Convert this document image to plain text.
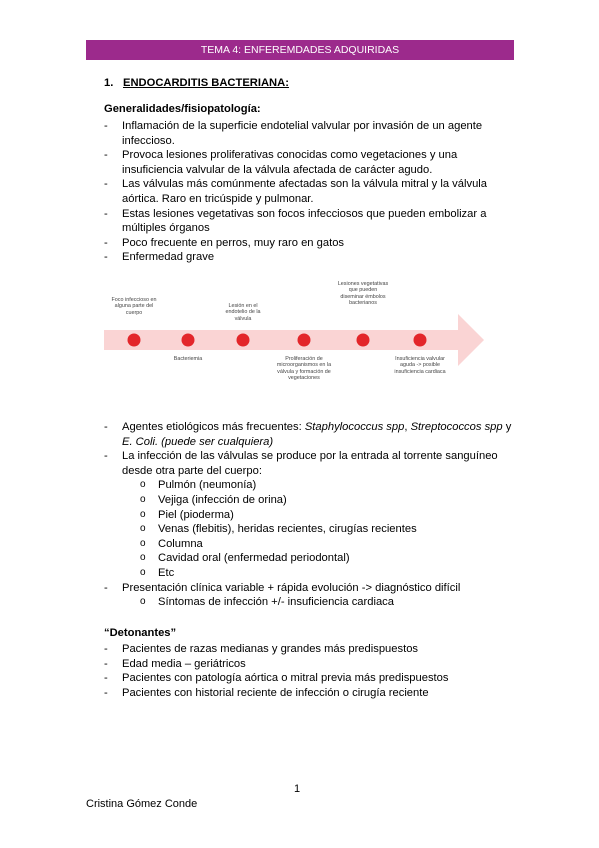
TEMA 4: ENFEREMDADES ADQUIRIDAS
1. ENDOCARDITIS BACTERIANA:
Generalidades/fisiopatología:
- Inflamación de la superficie endotelial valvular por invasión de un agente infeccioso.
- Provoca lesiones proliferativas conocidas como vegetaciones y una insuficiencia valvular de la válvula afectada de carácter agudo.
- Las válvulas más comúnmente afectadas son la válvula mitral y la válvula aórtica. Raro en tricúspide y pulmonar.
- Estas lesiones vegetativas son focos infecciosos que pueden embolizar a múltiples órganos
- Poco frecuente en perros, muy raro en gatos
- Enfermedad grave
Foco infeccioso en alguna parte del cuerpo
Lesión en el endotelio de la válvula
Lesiones vegetativas que pueden diseminar émbolos bacterianos
Bacteriemia	Proliferación de microorganismos en la válvula y formación de vegetaciones
Insuficiencia valvular aguda -> posible insuficiencia cardiaca
- Agentes etiológicos más frecuentes: Staphylococcus spp, Streptococcos spp y E. Coli. (puede ser cualquiera)
- La infección de las válvulas se produce por la entrada al torrente sanguíneo desde otra parte del cuerpo:
o Pulmón (neumonía)
o Vejiga (infección de orina)
o Piel (pioderma)
o Venas (flebitis), heridas recientes, cirugías recientes
o Columna
o Cavidad oral (enfermedad periodontal)
o Etc
- Presentación clínica variable + rápida evolución -> diagnóstico difícil
o Síntomas de infección +/- insuficiencia cardiaca
“Detonantes”
- Pacientes de razas medianas y grandes más predispuestos
- Edad media – geriátricos
- Pacientes con patología aórtica o mitral previa más predispuestos
- Pacientes con historial reciente de infección o cirugía reciente
1
Cristina Gómez Conde
